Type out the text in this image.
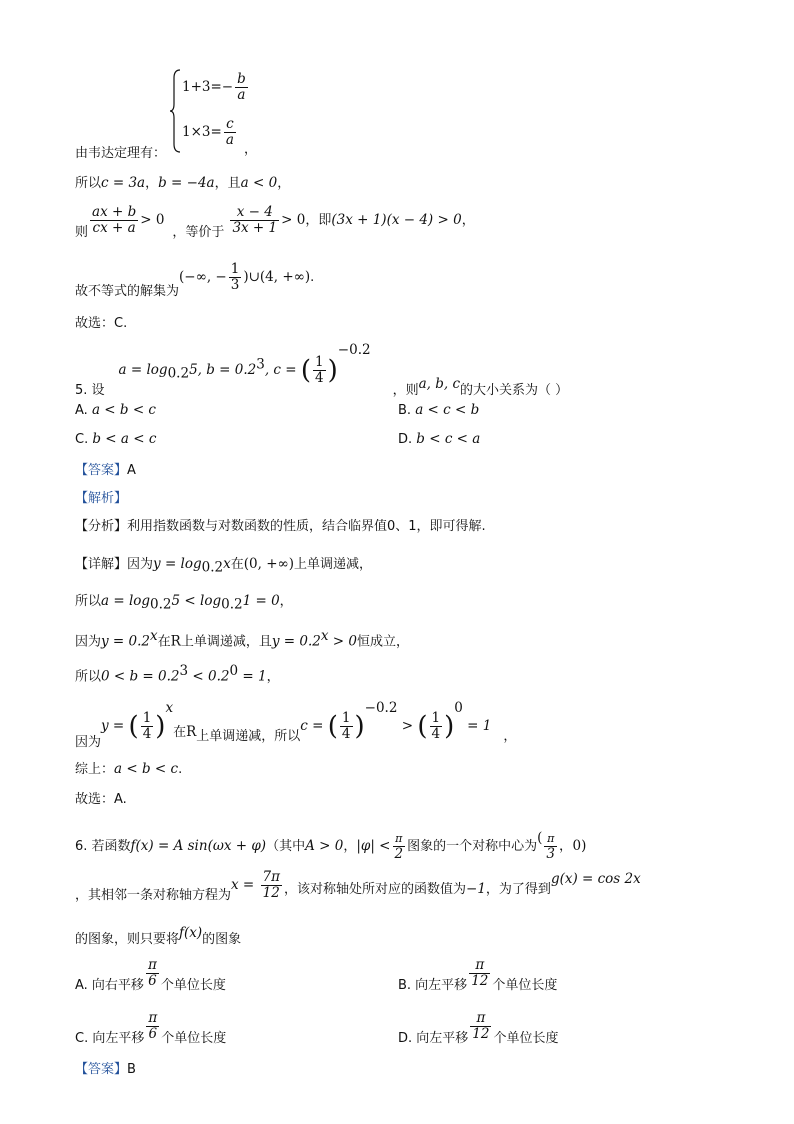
$1+3=- \frac{b}{a}$
$1\times 3= \frac{c}{a}$
由韦达定理有：	，
所以c = 3a，b = −4a，且a < 0，
则 $\frac{ax + b}{cx + a} > 0$，等价于 $\frac{x - 4}{3x + 1} > 0$，即(3x + 1)(x − 4) > 0，
故不等式的解集为(−∞, − $\frac{1}{3}$ )∪(4, +∞).
故选：C.
5. 设$a = \log_{0.2}5$, $b = 0.2^3$, c = ( $\frac{1}{4} )^{-0.2}$，则a, b, c的大小关系为（ ）
A. a < b < c	B. a < c < b
C. b < a < c	D. b < c < a
【答案】A
【解析】
【分析】利用指数函数与对数函数的性质，结合临界值0、1，即可得解.
【详解】因为$y = \log_{0.2}x$在(0, +∞)上单调递减，
所以$a = \log_{0.2}5 < \log_{0.2}1 = 0$，
因为$y = 0.2^x$在R上单调递减，且$y = 0.2^x > 0$恒成立，
所以$0 < b = 0.2^3 < 0.2^0 = 1$，
因为y = ( $\frac{1}{4} )^x$在R上单调递减，所以c = ( $\frac{1}{4} )^{-0.2}$ > ( $\frac{1}{4} )^0 = 1$，
综上：a < b < c.
故选：A.
6. 若函数f(x) = A sin(ωx + φ)（其中A > 0，$|\varphi| < \frac{\pi}{2}$ 图象的一个对称中心为( $\frac{\pi}{3}$ ，0)
，其相邻一条对称轴方程为$x = \frac{7\pi}{12}$ ，该对称轴处所对应的函数值为−1，为了得到g(x) = cos 2x
的图象，则只要将f(x)的图象
A. 向右平移 $\frac{\pi}{6}$ 个单位长度	B. 向左平移 $\frac{\pi}{12}$ 个单位长度
C. 向左平移 $\frac{\pi}{6}$ 个单位长度	D. 向左平移 $\frac{\pi}{12}$ 个单位长度
【答案】B
